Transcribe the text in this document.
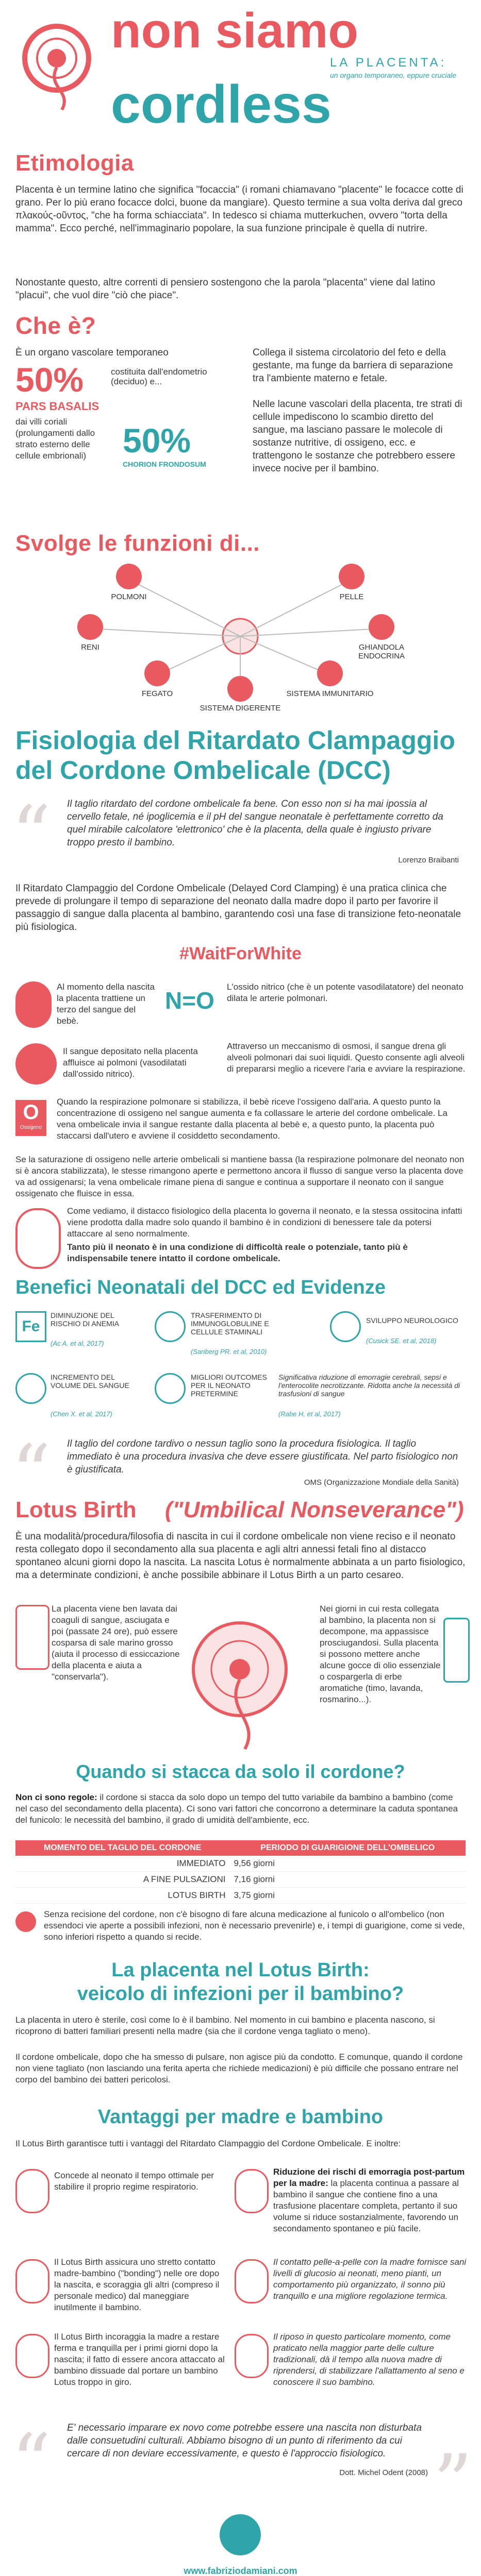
non siamo
LA PLACENTA:
un organo temporaneo, eppure cruciale
cordless
Etimologia
Placenta è un termine latino che significa "focaccia" (i romani chiamavano "placente" le focacce cotte di grano. Per lo più erano focacce dolci, buone da mangiare). Questo termine a sua volta deriva dal greco πλακούς-οῦντος, "che ha forma schiacciata". In tedesco si chiama mutterkuchen, ovvero "torta della mamma". Ecco perché, nell'immaginario popolare, la sua funzione principale è quella di nutrire.
Nonostante questo, altre correnti di pensiero sostengono che la parola "placenta" viene dal latino "placui", che vuol dire "ciò che piace".
Che è?
È un organo vascolare temporaneo
50%	costituita dall'endometrio (deciduo) e...
PARS BASALIS
dai villi coriali (prolungamenti dallo strato esterno delle cellule embrionali)	50%
CHORION FRONDOSUM
Collega il sistema circolatorio del feto e della gestante, ma funge da barriera di separazione tra l'ambiente materno e fetale.
Nelle lacune vascolari della placenta, tre strati di cellule impediscono lo scambio diretto del sangue, ma lasciano passare le molecole di sostanze nutritive, di ossigeno, ecc. e trattengono le sostanze che potrebbero essere invece nocive per il bambino.
Svolge le funzioni di...
POLMONI	PELLE
RENI	GHIANDOLA ENDOCRINA
FEGATO	SISTEMA IMMUNITARIO
SISTEMA DIGERENTE
Fisiologia del Ritardato Clampaggio
del Cordone Ombelicale (DCC)
“ Il taglio ritardato del cordone ombelicale fa bene. Con esso non si ha mai ipossia al cervello fetale, né ipoglicemia e il pH del sangue neonatale è perfettamente corretto da quel mirabile calcolatore 'elettronico' che è la placenta, della quale è ingiusto privare troppo presto il bambino.
Lorenzo Braibanti
Il Ritardato Clampaggio del Cordone Ombelicale (Delayed Cord Clamping) è una pratica clinica che prevede di prolungare il tempo di separazione del neonato dalla madre dopo il parto per favorire il passaggio di sangue dalla placenta al bambino, garantendo così una fase di transizione feto-neonatale più fisiologica.
#WaitForWhite
Al momento della nascita la placenta trattiene un terzo del sangue del bebè.
N=O
L'ossido nitrico (che è un potente vasodilatatore) del neonato dilata le arterie polmonari.
Il sangue depositato nella placenta affluisce ai polmoni (vasodilatati dall'ossido nitrico).
Attraverso un meccanismo di osmosi, il sangue drena gli alveoli polmonari dai suoi liquidi. Questo consente agli alveoli di prepararsi meglio a ricevere l'aria e avviare la respirazione.
O
Ossigeno
Quando la respirazione polmonare si stabilizza, il bebè riceve l'ossigeno dall'aria. A questo punto la concentrazione di ossigeno nel sangue aumenta e fa collassare le arterie del cordone ombelicale. La vena ombelicale invia il sangue restante dalla placenta al bebè e, a questo punto, la placenta può staccarsi dall'utero e avviene il cosiddetto secondamento.
Se la saturazione di ossigeno nelle arterie ombelicali si mantiene bassa (la respirazione polmonare del neonato non si è ancora stabilizzata), le stesse rimangono aperte e permettono ancora il flusso di sangue verso la placenta dove va ad ossigenarsi; la vena ombelicale rimane piena di sangue e continua a supportare il neonato con il sangue ossigenato che fluisce in essa.
Come vediamo, il distacco fisiologico della placenta lo governa il neonato, e la stessa ossitocina infatti viene prodotta dalla madre solo quando il bambino è in condizioni di benessere tale da potersi attaccare al seno normalmente.
Tanto più il neonato è in una condizione di difficoltà reale o potenziale, tanto più è indispensabile tenere intatto il cordone ombelicale.
Benefici Neonatali del DCC ed Evidenze
Fe
DIMINUZIONE DEL RISCHIO DI ANEMIA
(Ac A. et al, 2017)
TRASFERIMENTO DI IMMUNOGLOBULINE E CELLULE STAMINALI
(Sanberg PR. et al, 2010)
SVILUPPO NEUROLOGICO
(Cusick SE. et al, 2018)
INCREMENTO DEL VOLUME DEL SANGUE
(Chen X. et al, 2017)
MIGLIORI OUTCOMES PER IL NEONATO PRETERMINE
Significativa riduzione di emorragie cerebrali, sepsi e l'enterocolite necrotizzante. Ridotta anche la necessità di trasfusioni di sangue
(Rabe H. et al, 2017)
“ Il taglio del cordone tardivo o nessun taglio sono la procedura fisiologica. Il taglio immediato è una procedura invasiva che deve essere giustificata. Nel parto fisiologico non è giustificata.
OMS (Organizzazione Mondiale della Sanità)
Lotus Birth ("Umbilical Nonseverance")
È una modalità/procedura/filosofia di nascita in cui il cordone ombelicale non viene reciso e il neonato resta collegato dopo il secondamento alla sua placenta e agli altri annessi fetali fino al distacco spontaneo alcuni giorni dopo la nascita. La nascita Lotus è normalmente abbinata a un parto fisiologico, ma a determinate condizioni, è anche possibile abbinare il Lotus Birth a un parto cesareo.
La placenta viene ben lavata dai coaguli di sangue, asciugata e poi (passate 24 ore), può essere cosparsa di sale marino grosso (aiuta il processo di essiccazione della placenta e aiuta a "conservarla").
Nei giorni in cui resta collegata al bambino, la placenta non si decompone, ma appassisce prosciugandosi. Sulla placenta si possono mettere anche alcune gocce di olio essenziale o cospargerla di erbe aromatiche (timo, lavanda, rosmarino...).
Quando si stacca da solo il cordone?
Non ci sono regole: il cordone si stacca da solo dopo un tempo del tutto variabile da bambino a bambino (come nel caso del secondamento della placenta). Ci sono vari fattori che concorrono a determinare la caduta spontanea del funicolo: le necessità del bambino, il grado di umidità dell'ambiente, ecc.
MOMENTO DEL TAGLIO DEL CORDONE	PERIODO DI GUARIGIONE DELL'OMBELICO
IMMEDIATO	9,56 giorni
A FINE PULSAZIONI	7,16 giorni
LOTUS BIRTH	3,75 giorni
Senza recisione del cordone, non c'è bisogno di fare alcuna medicazione al funicolo o all'ombelico (non essendoci vie aperte a possibili infezioni, non è necessario prevenirle) e, i tempi di guarigione, come si vede, sono inferiori rispetto a quando si recide.
La placenta nel Lotus Birth:
veicolo di infezioni per il bambino?
La placenta in utero è sterile, così come lo è il bambino. Nel momento in cui bambino e placenta nascono, si ricoprono di batteri familiari presenti nella madre (sia che il cordone venga tagliato o meno).
Il cordone ombelicale, dopo che ha smesso di pulsare, non agisce più da condotto. E comunque, quando il cordone non viene tagliato (non lasciando una ferita aperta che richiede medicazioni) è più difficile che possano entrare nel corpo del bambino dei batteri pericolosi.
Vantaggi per madre e bambino
Il Lotus Birth garantisce tutti i vantaggi del Ritardato Clampaggio del Cordone Ombelicale. E inoltre:
Concede al neonato il tempo ottimale per stabilire il proprio regime respiratorio.
Riduzione dei rischi di emorragia post-partum per la madre: la placenta continua a passare al bambino il sangue che contiene fino a una trasfusione placentare completa, pertanto il suo volume si riduce sostanzialmente, favorendo un secondamento spontaneo e più facile.
Il Lotus Birth assicura uno stretto contatto madre-bambino ("bonding") nelle ore dopo la nascita, e scoraggia gli altri (compreso il personale medico) dal maneggiare inutilmente il bambino.
Il contatto pelle-a-pelle con la madre fornisce sani livelli di glucosio ai neonati, meno pianti, un comportamento più organizzato, il sonno più tranquillo e una migliore regolazione termica.
Il Lotus Birth incoraggia la madre a restare ferma e tranquilla per i primi giorni dopo la nascita; il fatto di essere ancora attaccato al bambino dissuade dal portare un bambino Lotus troppo in giro.
Il riposo in questo particolare momento, come praticato nella maggior parte delle culture tradizionali, dà il tempo alla nuova madre di riprendersi, di stabilizzare l'allattamento al seno e conoscere il suo bambino.
“ E' necessario imparare ex novo come potrebbe essere una nascita non disturbata dalle consuetudini culturali. Abbiamo bisogno di un punto di riferimento da cui cercare di non deviare eccessivamente, e questo è l'approccio fisiologico.
Dott. Michel Odent (2008) ”
www.fabriziodamiani.com
